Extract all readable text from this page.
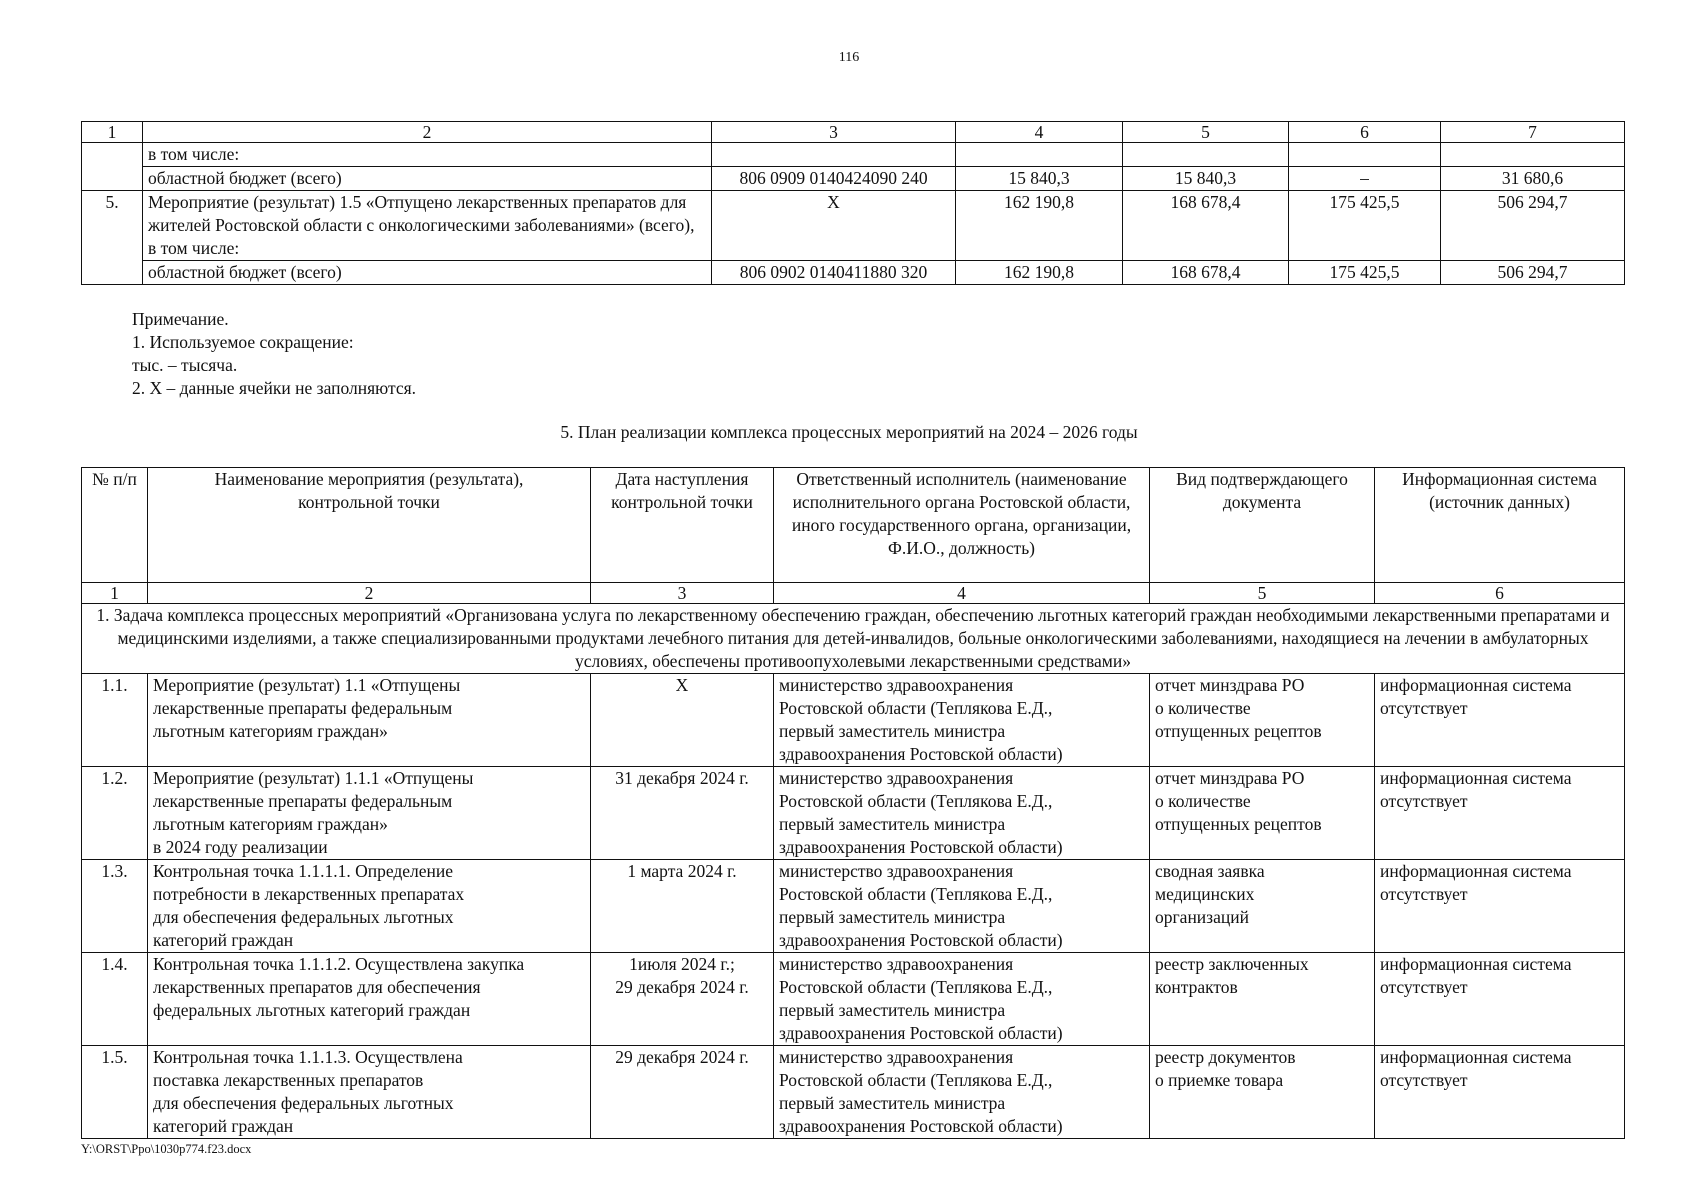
116
1	2	3	4	5	6	7
	в том числе:					
	областной бюджет (всего)	806 0909 0140424090 240	15 840,3	15 840,3	–	31 680,6
5.	Мероприятие (результат) 1.5 «Отпущено лекарственных препаратов для жителей Ростовской области с онкологическими заболеваниями» (всего), в том числе:	X	162 190,8	168 678,4	175 425,5	506 294,7
	областной бюджет (всего)	806 0902 0140411880 320	162 190,8	168 678,4	175 425,5	506 294,7
Примечание.
1. Используемое сокращение:
тыс. – тысяча.
2. X – данные ячейки не заполняются.
5. План реализации комплекса процессных мероприятий на 2024 – 2026 годы
№ п/п	Наименование мероприятия (результата), контрольной точки	Дата наступления контрольной точки	Ответственный исполнитель (наименование исполнительного органа Ростовской области, иного государственного органа, организации, Ф.И.О., должность)	Вид подтверждающего документа	Информационная система (источник данных)
1	2	3	4	5	6
1. Задача комплекса процессных мероприятий «Организована услуга по лекарственному обеспечению граждан, обеспечению льготных категорий граждан необходимыми лекарственными препаратами и медицинскими изделиями, а также специализированными продуктами лечебного питания для детей-инвалидов, больные онкологическими заболеваниями, находящиеся на лечении в амбулаторных условиях, обеспечены противоопухолевыми лекарственными средствами»					
1.1.	Мероприятие (результат) 1.1 «Отпущены
лекарственные препараты федеральным
льготным категориям граждан»	X	министерство здравоохранения
Ростовской области (Теплякова Е.Д.,
первый заместитель министра
здравоохранения Ростовской области)	отчет минздрава РО
о количестве
отпущенных рецептов	информационная система
отсутствует
1.2.	Мероприятие (результат) 1.1.1 «Отпущены
лекарственные препараты федеральным
льготным категориям граждан»
в 2024 году реализации	31 декабря 2024 г.	министерство здравоохранения
Ростовской области (Теплякова Е.Д.,
первый заместитель министра
здравоохранения Ростовской области)	отчет минздрава РО
о количестве
отпущенных рецептов	информационная система
отсутствует
1.3.	Контрольная точка 1.1.1.1. Определение
потребности в лекарственных препаратах
для обеспечения федеральных льготных
категорий граждан	1 марта 2024 г.	министерство здравоохранения
Ростовской области (Теплякова Е.Д.,
первый заместитель министра
здравоохранения Ростовской области)	сводная заявка
медицинских
организаций	информационная система
отсутствует
1.4.	Контрольная точка 1.1.1.2. Осуществлена закупка
лекарственных препаратов для обеспечения
федеральных льготных категорий граждан	1июля 2024 г.;
29 декабря 2024 г.	министерство здравоохранения
Ростовской области (Теплякова Е.Д.,
первый заместитель министра
здравоохранения Ростовской области)	реестр заключенных
контрактов	информационная система
отсутствует
1.5.	Контрольная точка 1.1.1.3. Осуществлена
поставка лекарственных препаратов
для обеспечения федеральных льготных
категорий граждан	29 декабря 2024 г.	министерство здравоохранения
Ростовской области (Теплякова Е.Д.,
первый заместитель министра
здравоохранения Ростовской области)	реестр документов
о приемке товара	информационная система
отсутствует
Y:\ORST\Ppo\1030p774.f23.docx
